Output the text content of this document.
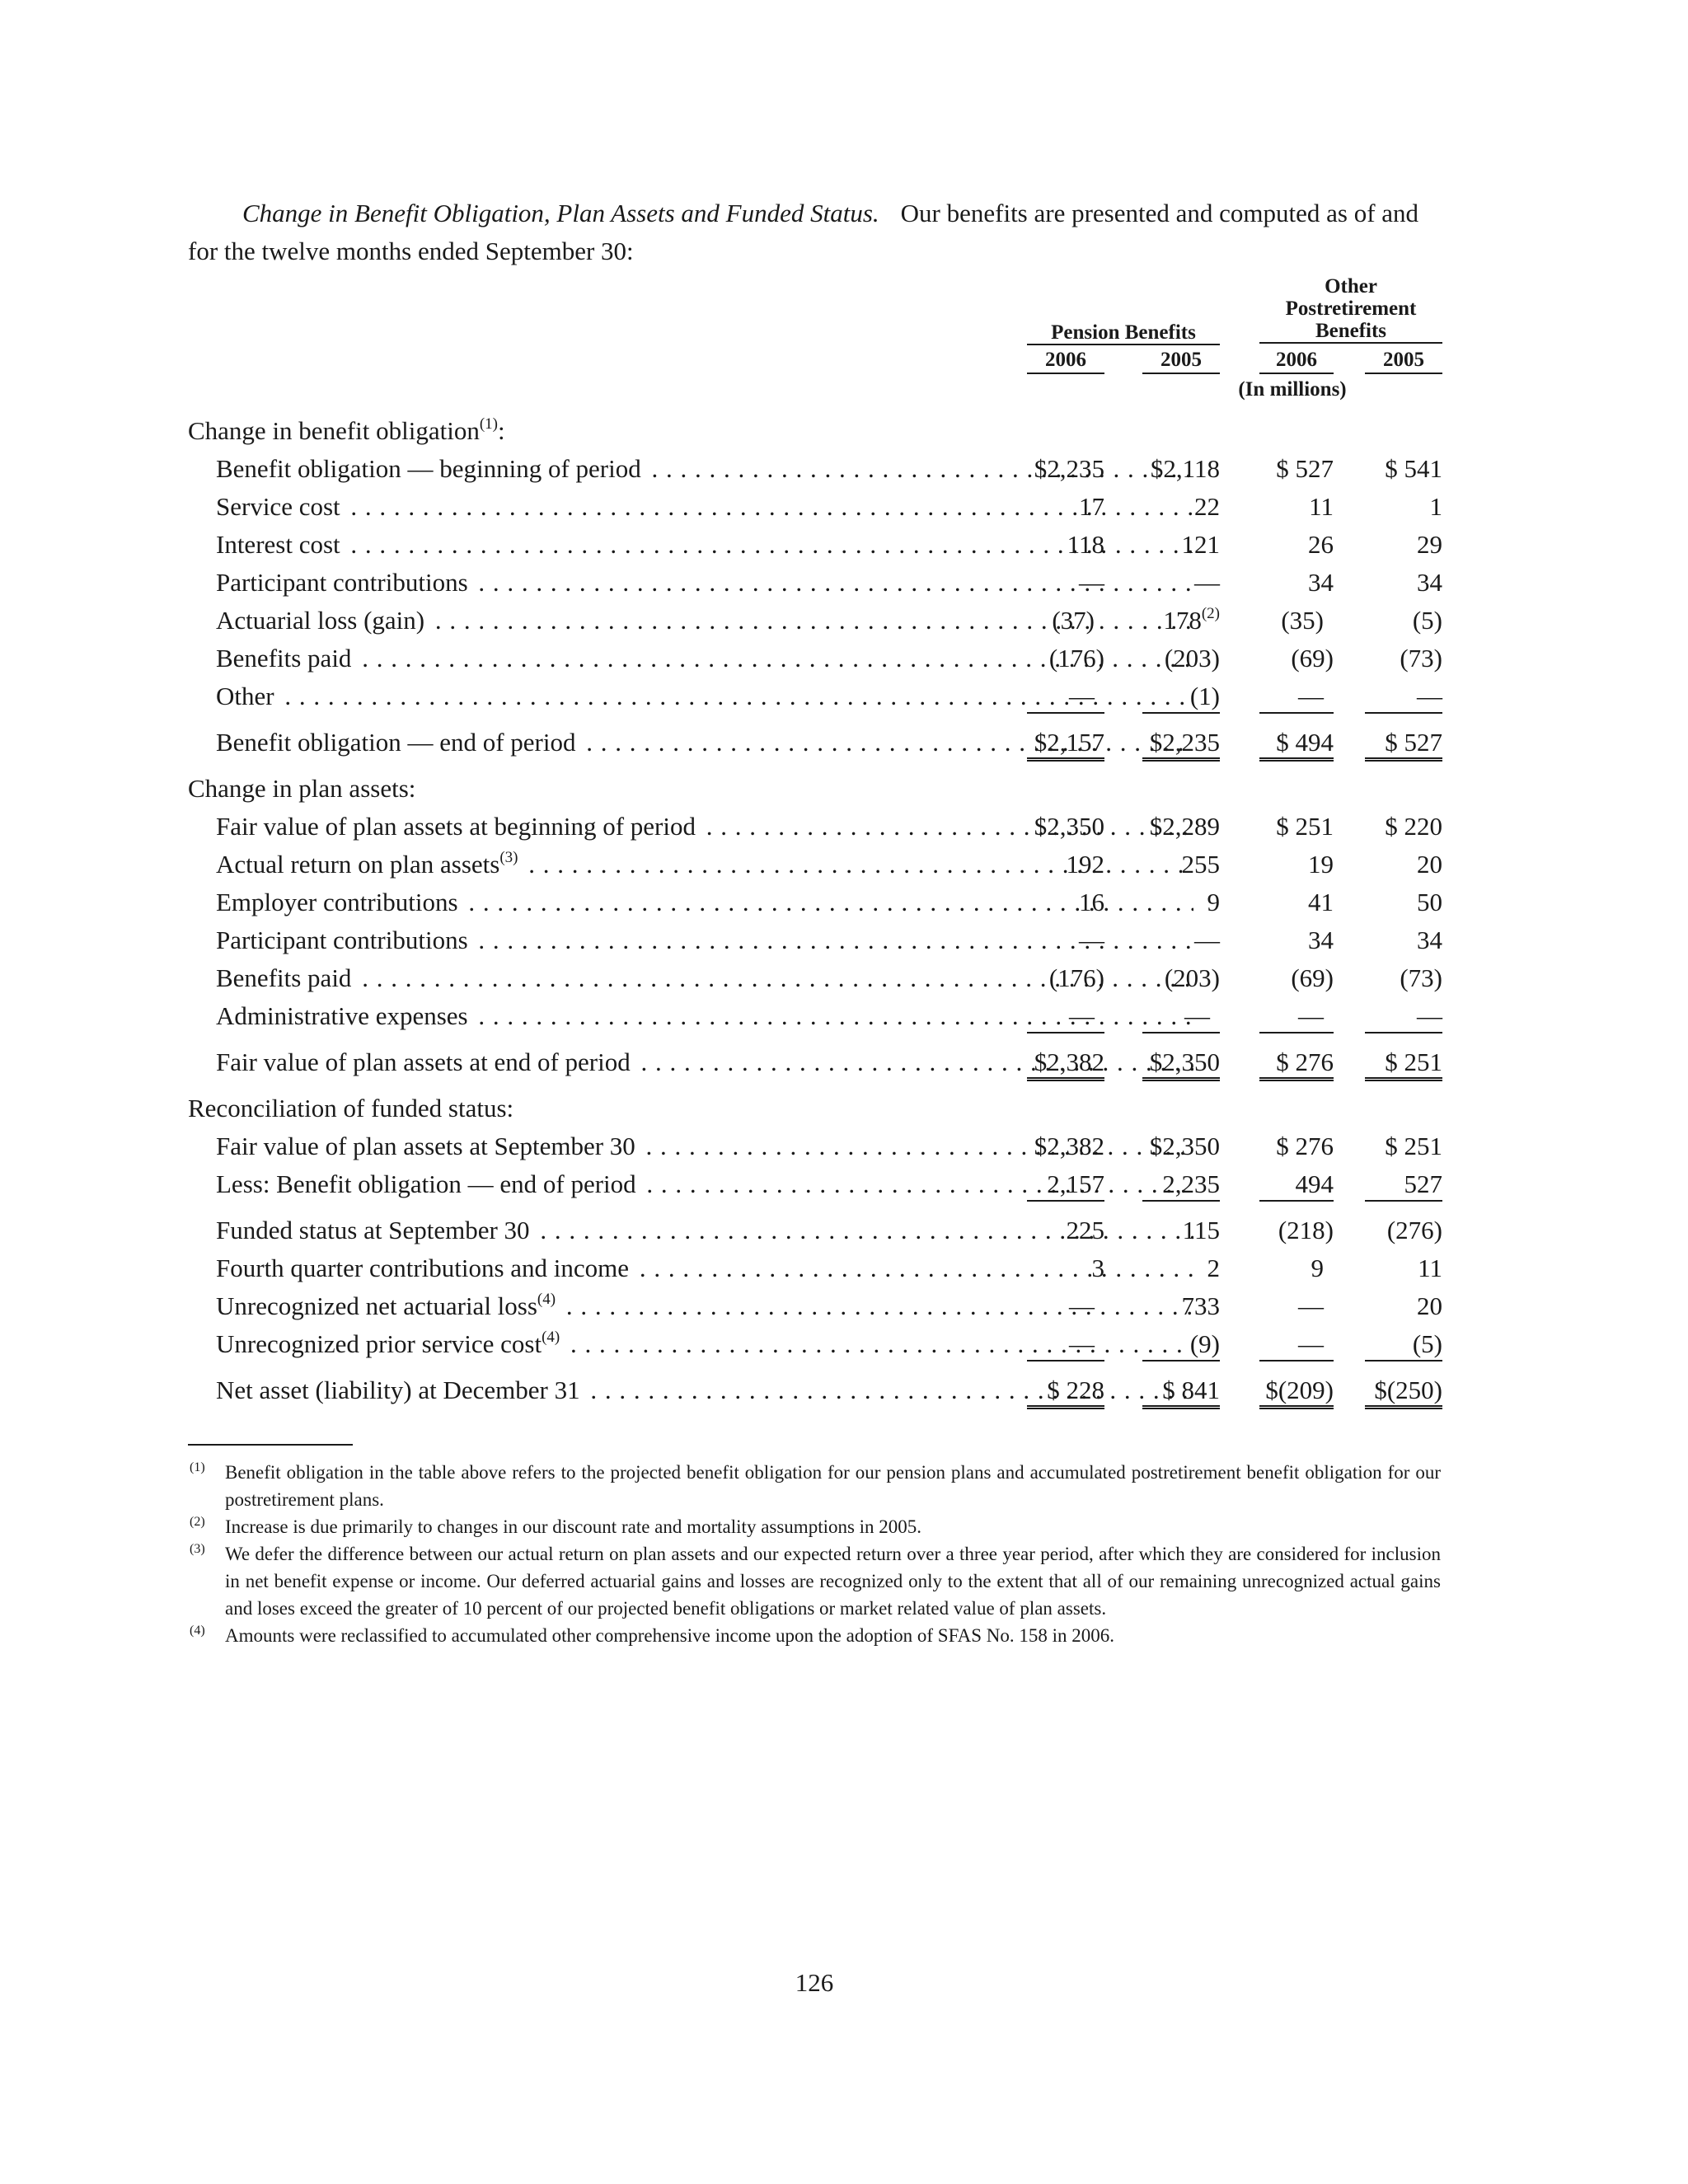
Change in Benefit Obligation, Plan Assets and Funded Status. Our benefits are presented and computed as of and for the twelve months ended September 30:
Pension Benefits
Other
Postretirement
Benefits
2006	2005	2006	2005
(In millions)
Change in benefit obligation$^{(1)}$:
Benefit obligation — beginning of period . . .	$2,235	$2,118	$ 527	$ 541
Service cost . . .	17	22	11	1
Interest cost . . .	118	121	26	29
Participant contributions . . .	—	—	34	34
Actuarial loss (gain) . . .	(37)	178$^{(2)}$	(35)	(5)
Benefits paid . . .	(176)	(203)	(69)	(73)
Other . . .	—	(1)	—	—
Benefit obligation — end of period . . .	$2,157 $2,235	$ 494	$ 527
Change in plan assets:
Fair value of plan assets at beginning of period . . .	$2,350 $2,289	$ 251	$ 220
Actual return on plan assets$^{(3)}$ . . .	192	255	19	20
Employer contributions . . .	16	9	41	50
Participant contributions . . .	—	—	34	34
Benefits paid . . .	(176)	(203)	(69)	(73)
Administrative expenses . . .	—	—	—	—
Fair value of plan assets at end of period . . .	$2,382 $2,350	$ 276	$ 251
Reconciliation of funded status:
Fair value of plan assets at September 30 . . .	$2,382 $2,350	$ 276	$ 251
Less: Benefit obligation — end of period . . .	2,157	2,235	494	527
Funded status at September 30 . . .	225	115	(218)	(276)
Fourth quarter contributions and income . . .	3	2	9	11
Unrecognized net actuarial loss$^{(4)}$ . . .	—	733	—	20
Unrecognized prior service cost$^{(4)}$ . . .	—	(9)	—	(5)
Net asset (liability) at December 31 . . .	$ 228	$ 841 $(209)	$(250)
(1) Benefit obligation in the table above refers to the projected benefit obligation for our pension plans and accumulated postretirement benefit obligation for our postretirement plans.
(2) Increase is due primarily to changes in our discount rate and mortality assumptions in 2005.
(3) We defer the difference between our actual return on plan assets and our expected return over a three year period, after which they are considered for inclusion in net benefit expense or income. Our deferred actuarial gains and losses are recognized only to the extent that all of our remaining unrecognized actual gains and loses exceed the greater of 10 percent of our projected benefit obligations or market related value of plan assets.
(4) Amounts were reclassified to accumulated other comprehensive income upon the adoption of SFAS No. 158 in 2006.
126
